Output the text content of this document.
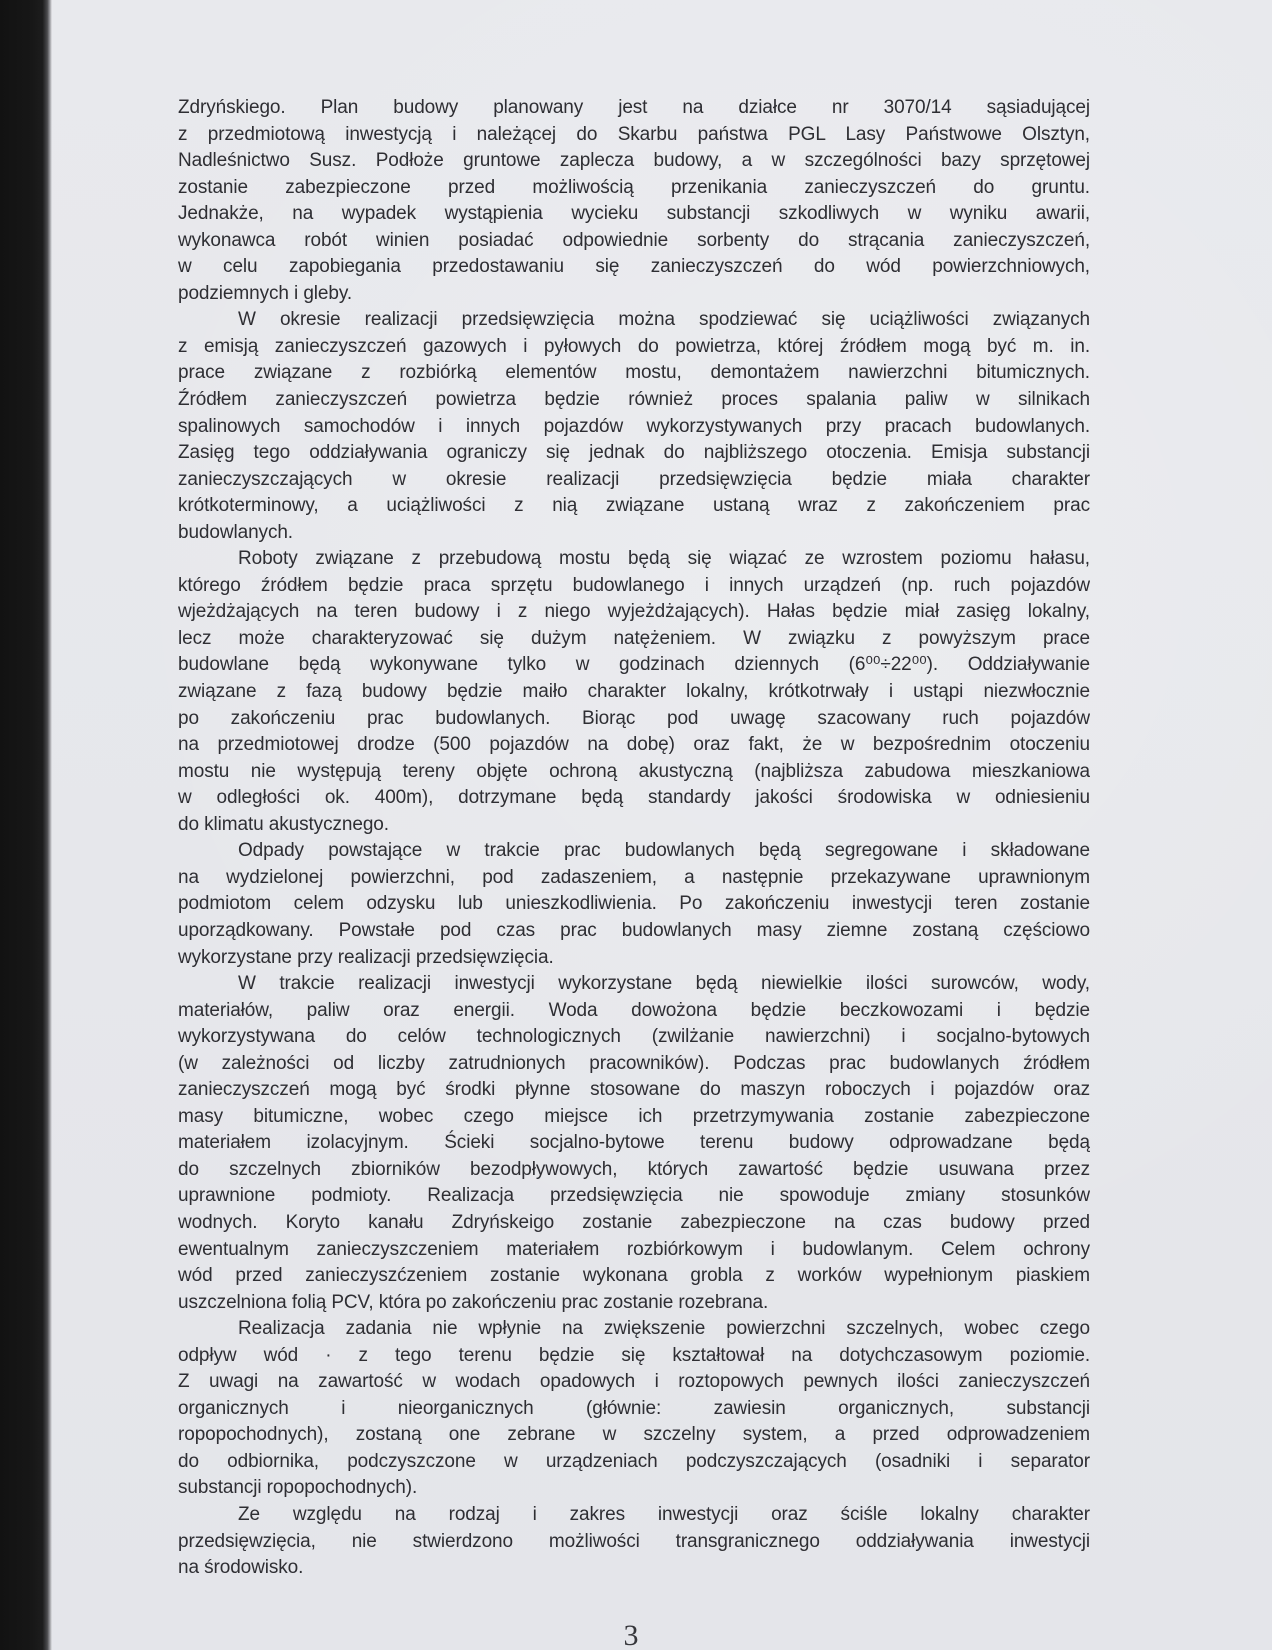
Zdryńskiego. Plan budowy planowany jest na działce nr 3070/14 sąsiadującej
z przedmiotową inwestycją i należącej do Skarbu państwa PGL Lasy Państwowe Olsztyn,
Nadleśnictwo Susz. Podłoże gruntowe zaplecza budowy, a w szczególności bazy sprzętowej
zostanie zabezpieczone przed możliwością przenikania zanieczyszczeń do gruntu.
Jednakże, na wypadek wystąpienia wycieku substancji szkodliwych w wyniku awarii,
wykonawca robót winien posiadać odpowiednie sorbenty do strącania zanieczyszczeń,
w celu zapobiegania przedostawaniu się zanieczyszczeń do wód powierzchniowych,
podziemnych i gleby.
W okresie realizacji przedsięwzięcia można spodziewać się uciążliwości związanych
z emisją zanieczyszczeń gazowych i pyłowych do powietrza, której źródłem mogą być m. in.
prace związane z rozbiórką elementów mostu, demontażem nawierzchni bitumicznych.
Źródłem zanieczyszczeń powietrza będzie również proces spalania paliw w silnikach
spalinowych samochodów i innych pojazdów wykorzystywanych przy pracach budowlanych.
Zasięg tego oddziaływania ograniczy się jednak do najbliższego otoczenia. Emisja substancji
zanieczyszczających w okresie realizacji przedsięwzięcia będzie miała charakter
krótkoterminowy, a uciążliwości z nią związane ustaną wraz z zakończeniem prac
budowlanych.
Roboty związane z przebudową mostu będą się wiązać ze wzrostem poziomu hałasu,
którego źródłem będzie praca sprzętu budowlanego i innych urządzeń (np. ruch pojazdów
wjeżdżających na teren budowy i z niego wyjeżdżających). Hałas będzie miał zasięg lokalny,
lecz może charakteryzować się dużym natężeniem. W związku z powyższym prace
budowlane będą wykonywane tylko w godzinach dziennych (6⁰⁰÷22⁰⁰). Oddziaływanie
związane z fazą budowy będzie maiło charakter lokalny, krótkotrwały i ustąpi niezwłocznie
po zakończeniu prac budowlanych. Biorąc pod uwagę szacowany ruch pojazdów
na przedmiotowej drodze (500 pojazdów na dobę) oraz fakt, że w bezpośrednim otoczeniu
mostu nie występują tereny objęte ochroną akustyczną (najbliższa zabudowa mieszkaniowa
w odległości ok. 400m), dotrzymane będą standardy jakości środowiska w odniesieniu
do klimatu akustycznego.
Odpady powstające w trakcie prac budowlanych będą segregowane i składowane
na wydzielonej powierzchni, pod zadaszeniem, a następnie przekazywane uprawnionym
podmiotom celem odzysku lub unieszkodliwienia. Po zakończeniu inwestycji teren zostanie
uporządkowany. Powstałe pod czas prac budowlanych masy ziemne zostaną częściowo
wykorzystane przy realizacji przedsięwzięcia.
W trakcie realizacji inwestycji wykorzystane będą niewielkie ilości surowców, wody,
materiałów, paliw oraz energii. Woda dowożona będzie beczkowozami i będzie
wykorzystywana do celów technologicznych (zwilżanie nawierzchni) i socjalno-bytowych
(w zależności od liczby zatrudnionych pracowników). Podczas prac budowlanych źródłem
zanieczyszczeń mogą być środki płynne stosowane do maszyn roboczych i pojazdów oraz
masy bitumiczne, wobec czego miejsce ich przetrzymywania zostanie zabezpieczone
materiałem izolacyjnym. Ścieki socjalno-bytowe terenu budowy odprowadzane będą
do szczelnych zbiorników bezodpływowych, których zawartość będzie usuwana przez
uprawnione podmioty. Realizacja przedsięwzięcia nie spowoduje zmiany stosunków
wodnych. Koryto kanału Zdryńskeigo zostanie zabezpieczone na czas budowy przed
ewentualnym zanieczyszczeniem materiałem rozbiórkowym i budowlanym. Celem ochrony
wód przed zanieczyszćzeniem zostanie wykonana grobla z worków wypełnionym piaskiem
uszczelniona folią PCV, która po zakończeniu prac zostanie rozebrana.
Realizacja zadania nie wpłynie na zwiększenie powierzchni szczelnych, wobec czego
odpływ wód · z tego terenu będzie się kształtował na dotychczasowym poziomie.
Z uwagi na zawartość w wodach opadowych i roztopowych pewnych ilości zanieczyszczeń
organicznych i nieorganicznych (głównie: zawiesin organicznych, substancji
ropopochodnych), zostaną one zebrane w szczelny system, a przed odprowadzeniem
do odbiornika, podczyszczone w urządzeniach podczyszczających (osadniki i separator
substancji ropopochodnych).
Ze względu na rodzaj i zakres inwestycji oraz ściśle lokalny charakter
przedsięwzięcia, nie stwierdzono możliwości transgranicznego oddziaływania inwestycji
na środowisko.
3
